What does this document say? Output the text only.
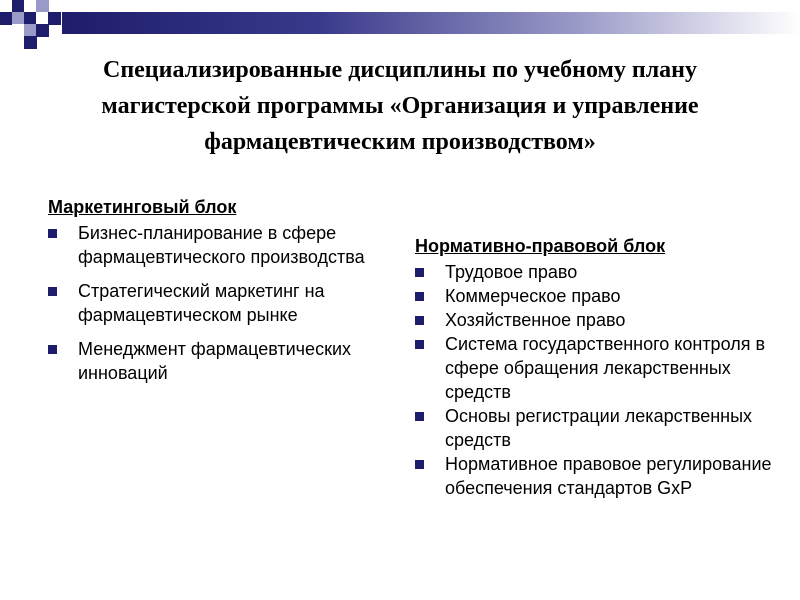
Специализированные дисциплины по учебному плану магистерской программы «Организация и управление фармацевтическим производством»
Маркетинговый блок
Бизнес-планирование в сфере фармацевтического производства
Стратегический маркетинг на фармацевтическом рынке
Менеджмент фармацевтических инноваций
Нормативно-правовой блок
Трудовое право
Коммерческое право
Хозяйственное право
Система государственного контроля в сфере обращения лекарственных средств
Основы регистрации лекарственных средств
Нормативное правовое регулирование обеспечения стандартов GxP
